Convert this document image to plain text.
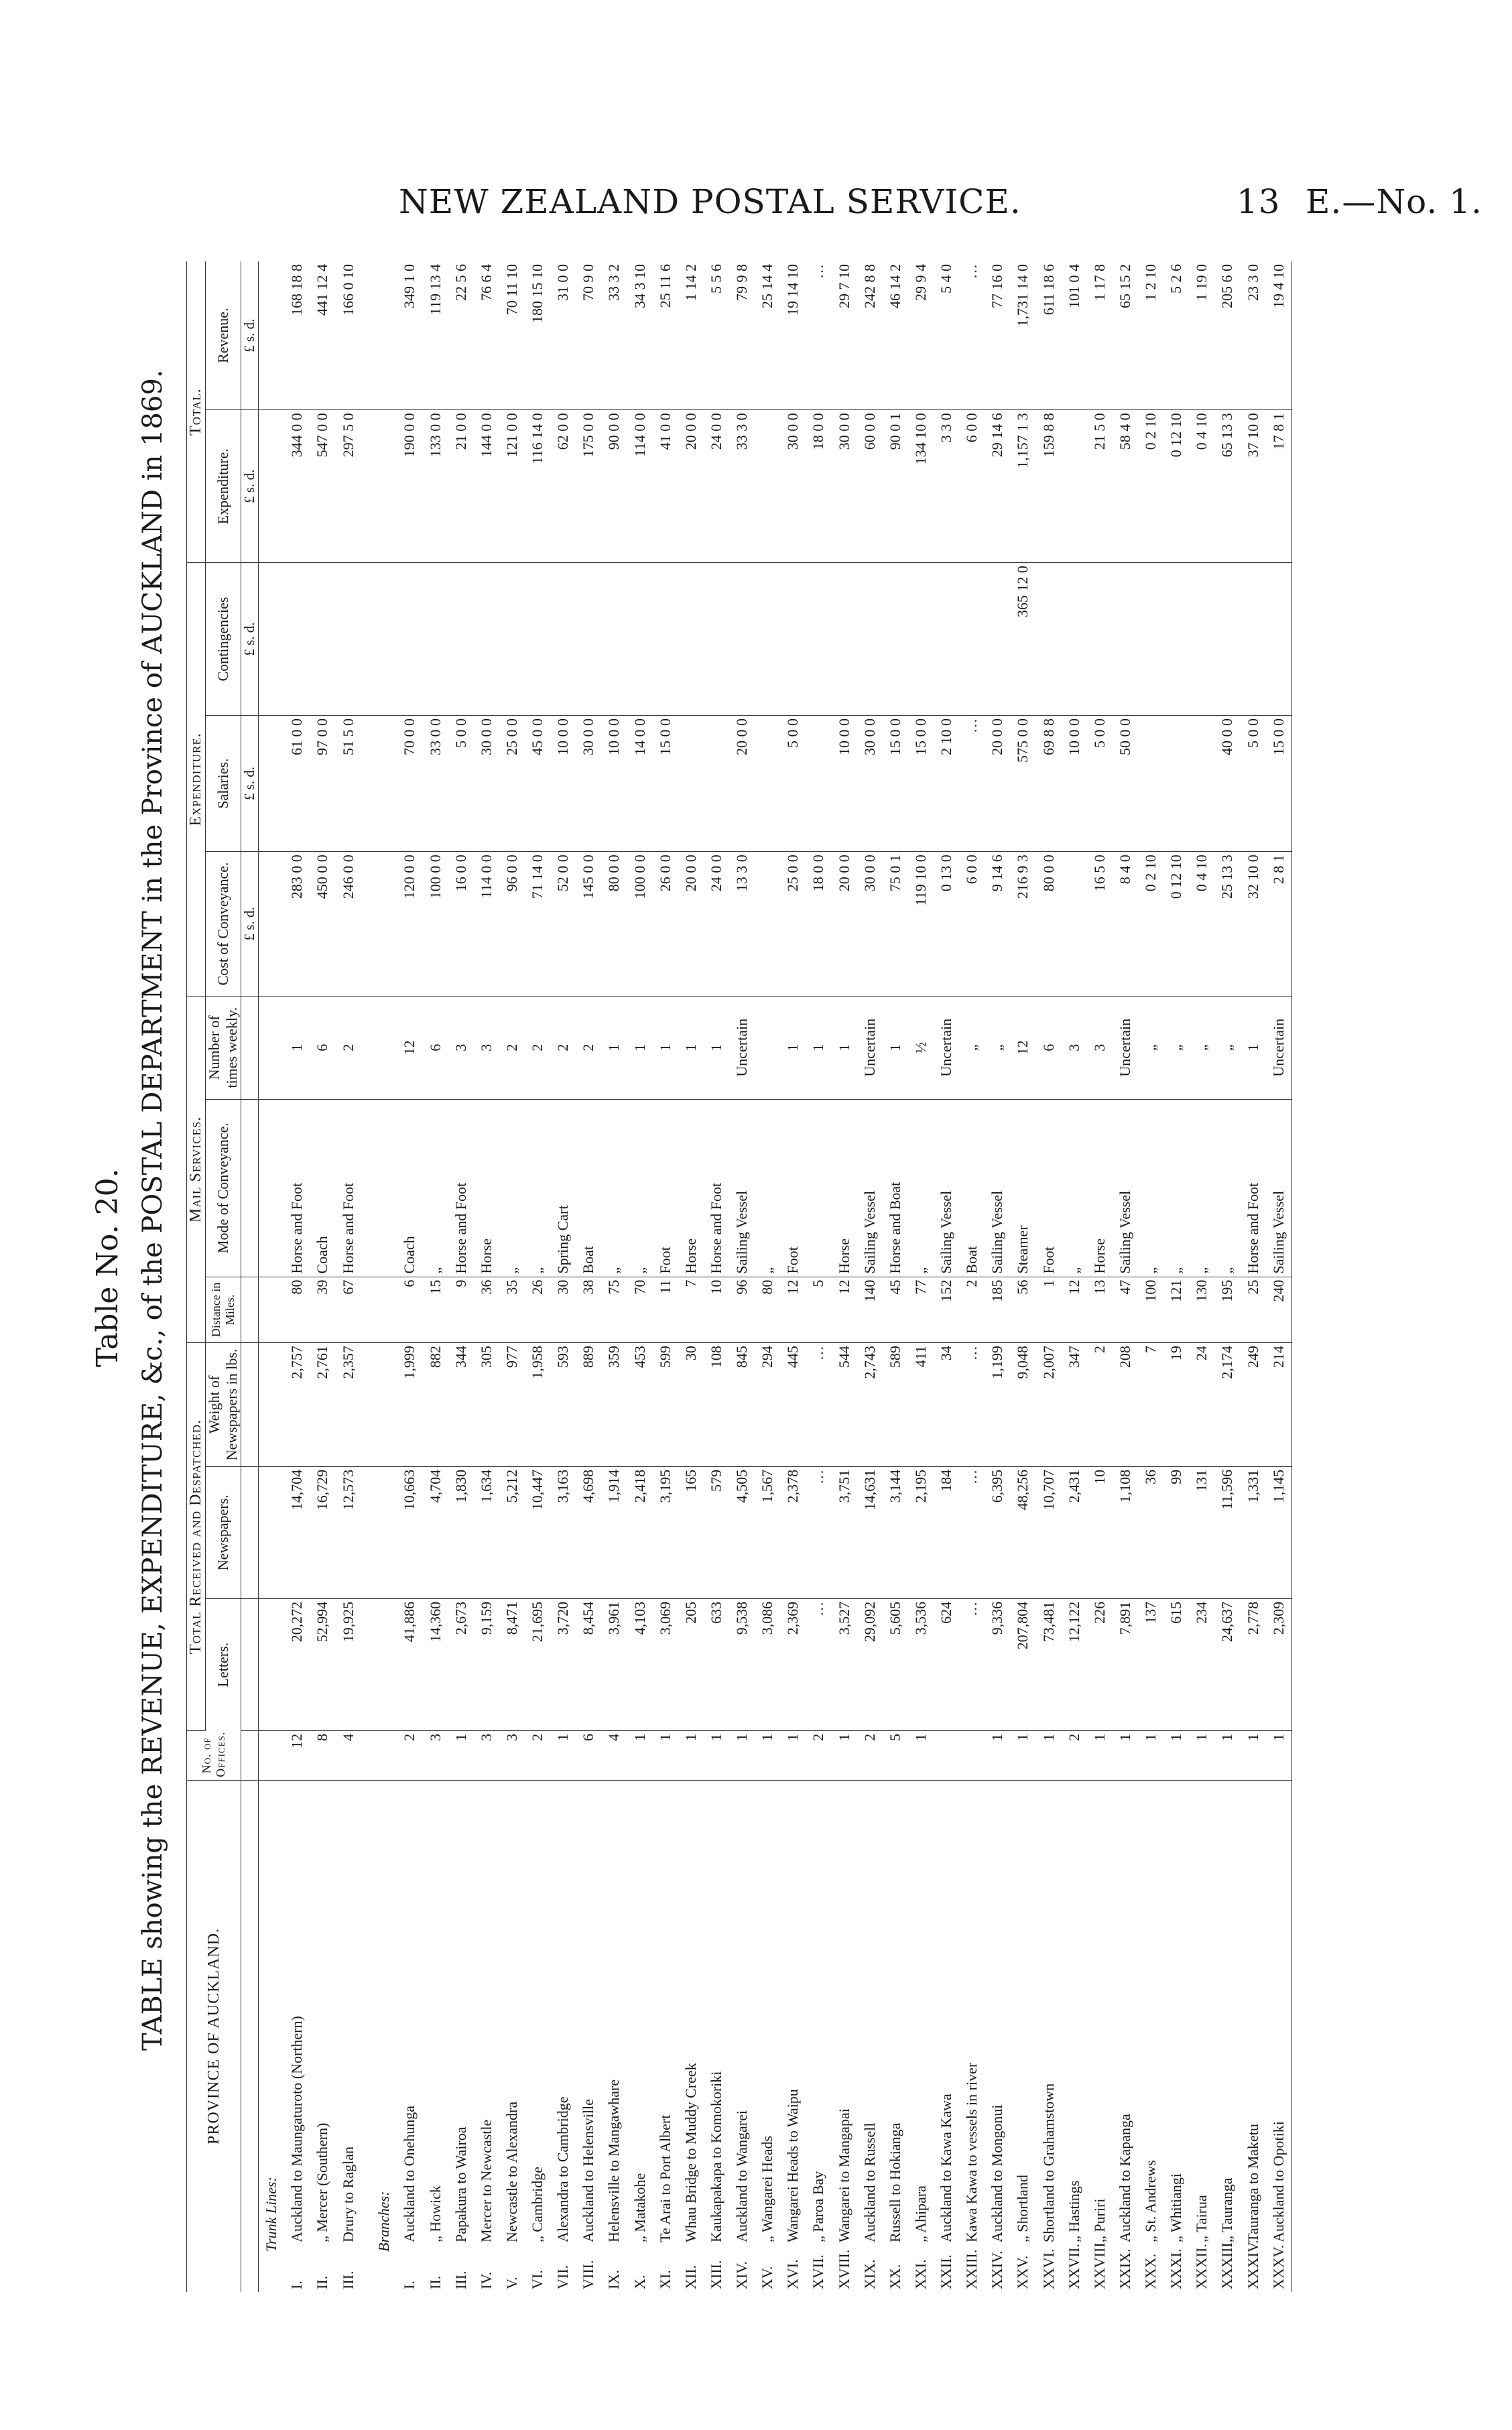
NEW ZEALAND POSTAL SERVICE.	13 E.—No. 1.
Table No. 20. TABLE showing the REVENUE, EXPENDITURE, &c., of the POSTAL DEPARTMENT in the Province of AUCKLAND in 1869. PROVINCE OF AUCKLAND.	No. of Offices.	Total Received and Despatched.			Mail Services.			Expenditure.			Total.	
		Letters.	Newspapers.	Weight of Newspapers in lbs.	Distance in Miles.	Mode of Conveyance.	Number of times weekly.	Cost of Conveyance.	Salaries.	Contingencies	Expenditure.	Revenue.
								£ s. d.	£ s. d.	£ s. d.	£ s. d.	£ s. d.
Trunk Lines:												
I.Auckland to Maungaturoto (Northern)	12	20,272	14,704	2,757	80	Horse and Foot	1	283 0 0	61 0 0		344 0 0	168 18 8
II.„ Mercer (Southern)	8	52,994	16,729	2,761	39	Coach	6	450 0 0	97 0 0		547 0 0	441 12 4
III.Drury to Raglan	4	19,925	12,573	2,357	67	Horse and Foot	2	246 0 0	51 5 0		297 5 0	166 0 10

Branches:												
I.Auckland to Onehunga	2	41,886	10,663	1,999	6	Coach	12	120 0 0	70 0 0		190 0 0	349 1 0
II.„ Howick	3	14,360	4,704	882	15	„	6	100 0 0	33 0 0		133 0 0	119 13 4
III.Papakura to Wairoa	1	2,673	1,830	344	9	Horse and Foot	3	16 0 0	5 0 0		21 0 0	22 5 6
IV.Mercer to Newcastle	3	9,159	1,634	305	36	Horse	3	114 0 0	30 0 0		144 0 0	76 6 4
V.Newcastle to Alexandra	3	8,471	5,212	977	35	„	2	96 0 0	25 0 0		121 0 0	70 11 10
VI.„ Cambridge	2	21,695	10,447	1,958	26	„	2	71 14 0	45 0 0		116 14 0	180 15 10
VII.Alexandra to Cambridge	1	3,720	3,163	593	30	Spring Cart	2	52 0 0	10 0 0		62 0 0	31 0 0
VIII.Auckland to Helensville	6	8,454	4,698	889	38	Boat	2	145 0 0	30 0 0		175 0 0	70 9 0
IX.Helensville to Mangawhare	4	3,961	1,914	359	75	„	1	80 0 0	10 0 0		90 0 0	33 3 2
X.„ Matakohe	1	4,103	2,418	453	70	„	1	100 0 0	14 0 0		114 0 0	34 3 10
XI.Te Arai to Port Albert	1	3,069	3,195	599	11	Foot	1	26 0 0	15 0 0		41 0 0	25 11 6
XII.Whau Bridge to Muddy Creek	1	205	165	30	7	Horse	1	20 0 0			20 0 0	1 14 2
XIII.Kaukapakapa to Komokoriki	1	633	579	108	10	Horse and Foot	1	24 0 0			24 0 0	5 5 6
XIV.Auckland to Wangarei	1	9,538	4,505	845	96	Sailing Vessel	Uncertain	13 3 0	20 0 0		33 3 0	79 9 8
XV.„ Wangarei Heads	1	3,086	1,567	294	80	„						25 14 4
XVI.Wangarei Heads to Waipu	1	2,369	2,378	445	12	Foot	1	25 0 0	5 0 0		30 0 0	19 14 10
XVII.„ Paroa Bay	2	…	…	…	5		1	18 0 0			18 0 0	…
XVIII.Wangarei to Mangapai	1	3,527	3,751	544	12	Horse	1	20 0 0	10 0 0		30 0 0	29 7 10
XIX.Auckland to Russell	2	29,092	14,631	2,743	140	Sailing Vessel	Uncertain	30 0 0	30 0 0		60 0 0	242 8 8
XX.Russell to Hokianga	5	5,605	3,144	589	45	Horse and Boat	1	75 0 1	15 0 0		90 0 1	46 14 2
XXI.„ Ahipara	1	3,536	2,195	411	77	„	½	119 10 0	15 0 0		134 10 0	29 9 4
XXII.Auckland to Kawa Kawa		624	184	34	152	Sailing Vessel	Uncertain	0 13 0	2 10 0		3 3 0	5 4 0
XXIII.Kawa Kawa to vessels in river		…	…	…	2	Boat	„	6 0 0	…		6 0 0	…
XXIV.Auckland to Mongonui	1	9,336	6,395	1,199	185	Sailing Vessel	„	9 14 6	20 0 0		29 14 6	77 16 0
XXV.„ Shortland	1	207,804	48,256	9,048	56	Steamer	12	216 9 3	575 0 0	365 12 0	1,157 1 3	1,731 14 0
XXVI.Shortland to Grahamstown	1	73,481	10,707	2,007	1	Foot	6	80 0 0	69 8 8		159 8 8	611 18 6
XXVII.„ Hastings	2	12,122	2,431	347	12	„	3		10 0 0			101 0 4
XXVIII.„ Puriri	1	226	10	2	13	Horse	3	16 5 0	5 0 0		21 5 0	1 17 8
XXIX.Auckland to Kapanga	1	7,891	1,108	208	47	Sailing Vessel	Uncertain	8 4 0	50 0 0		58 4 0	65 15 2
XXX.„ St. Andrews	1	137	36	7	100	„	„	0 2 10			0 2 10	1 2 10
XXXI.„ Whitiangi	1	615	99	19	121	„	„	0 12 10			0 12 10	5 2 6
XXXII.„ Tairua	1	234	131	24	130	„	„	0 4 10			0 4 10	1 19 0
XXXIII.„ Tauranga	1	24,637	11,596	2,174	195	„	„	25 13 3	40 0 0		65 13 3	205 6 0
XXXIV.Tauranga to Maketu	1	2,778	1,331	249	25	Horse and Foot	1	32 10 0	5 0 0		37 10 0	23 3 0
XXXV.Auckland to Opotiki	1	2,309	1,145	214	240	Sailing Vessel	Uncertain	2 8 1	15 0 0		17 8 1	19 4 10
